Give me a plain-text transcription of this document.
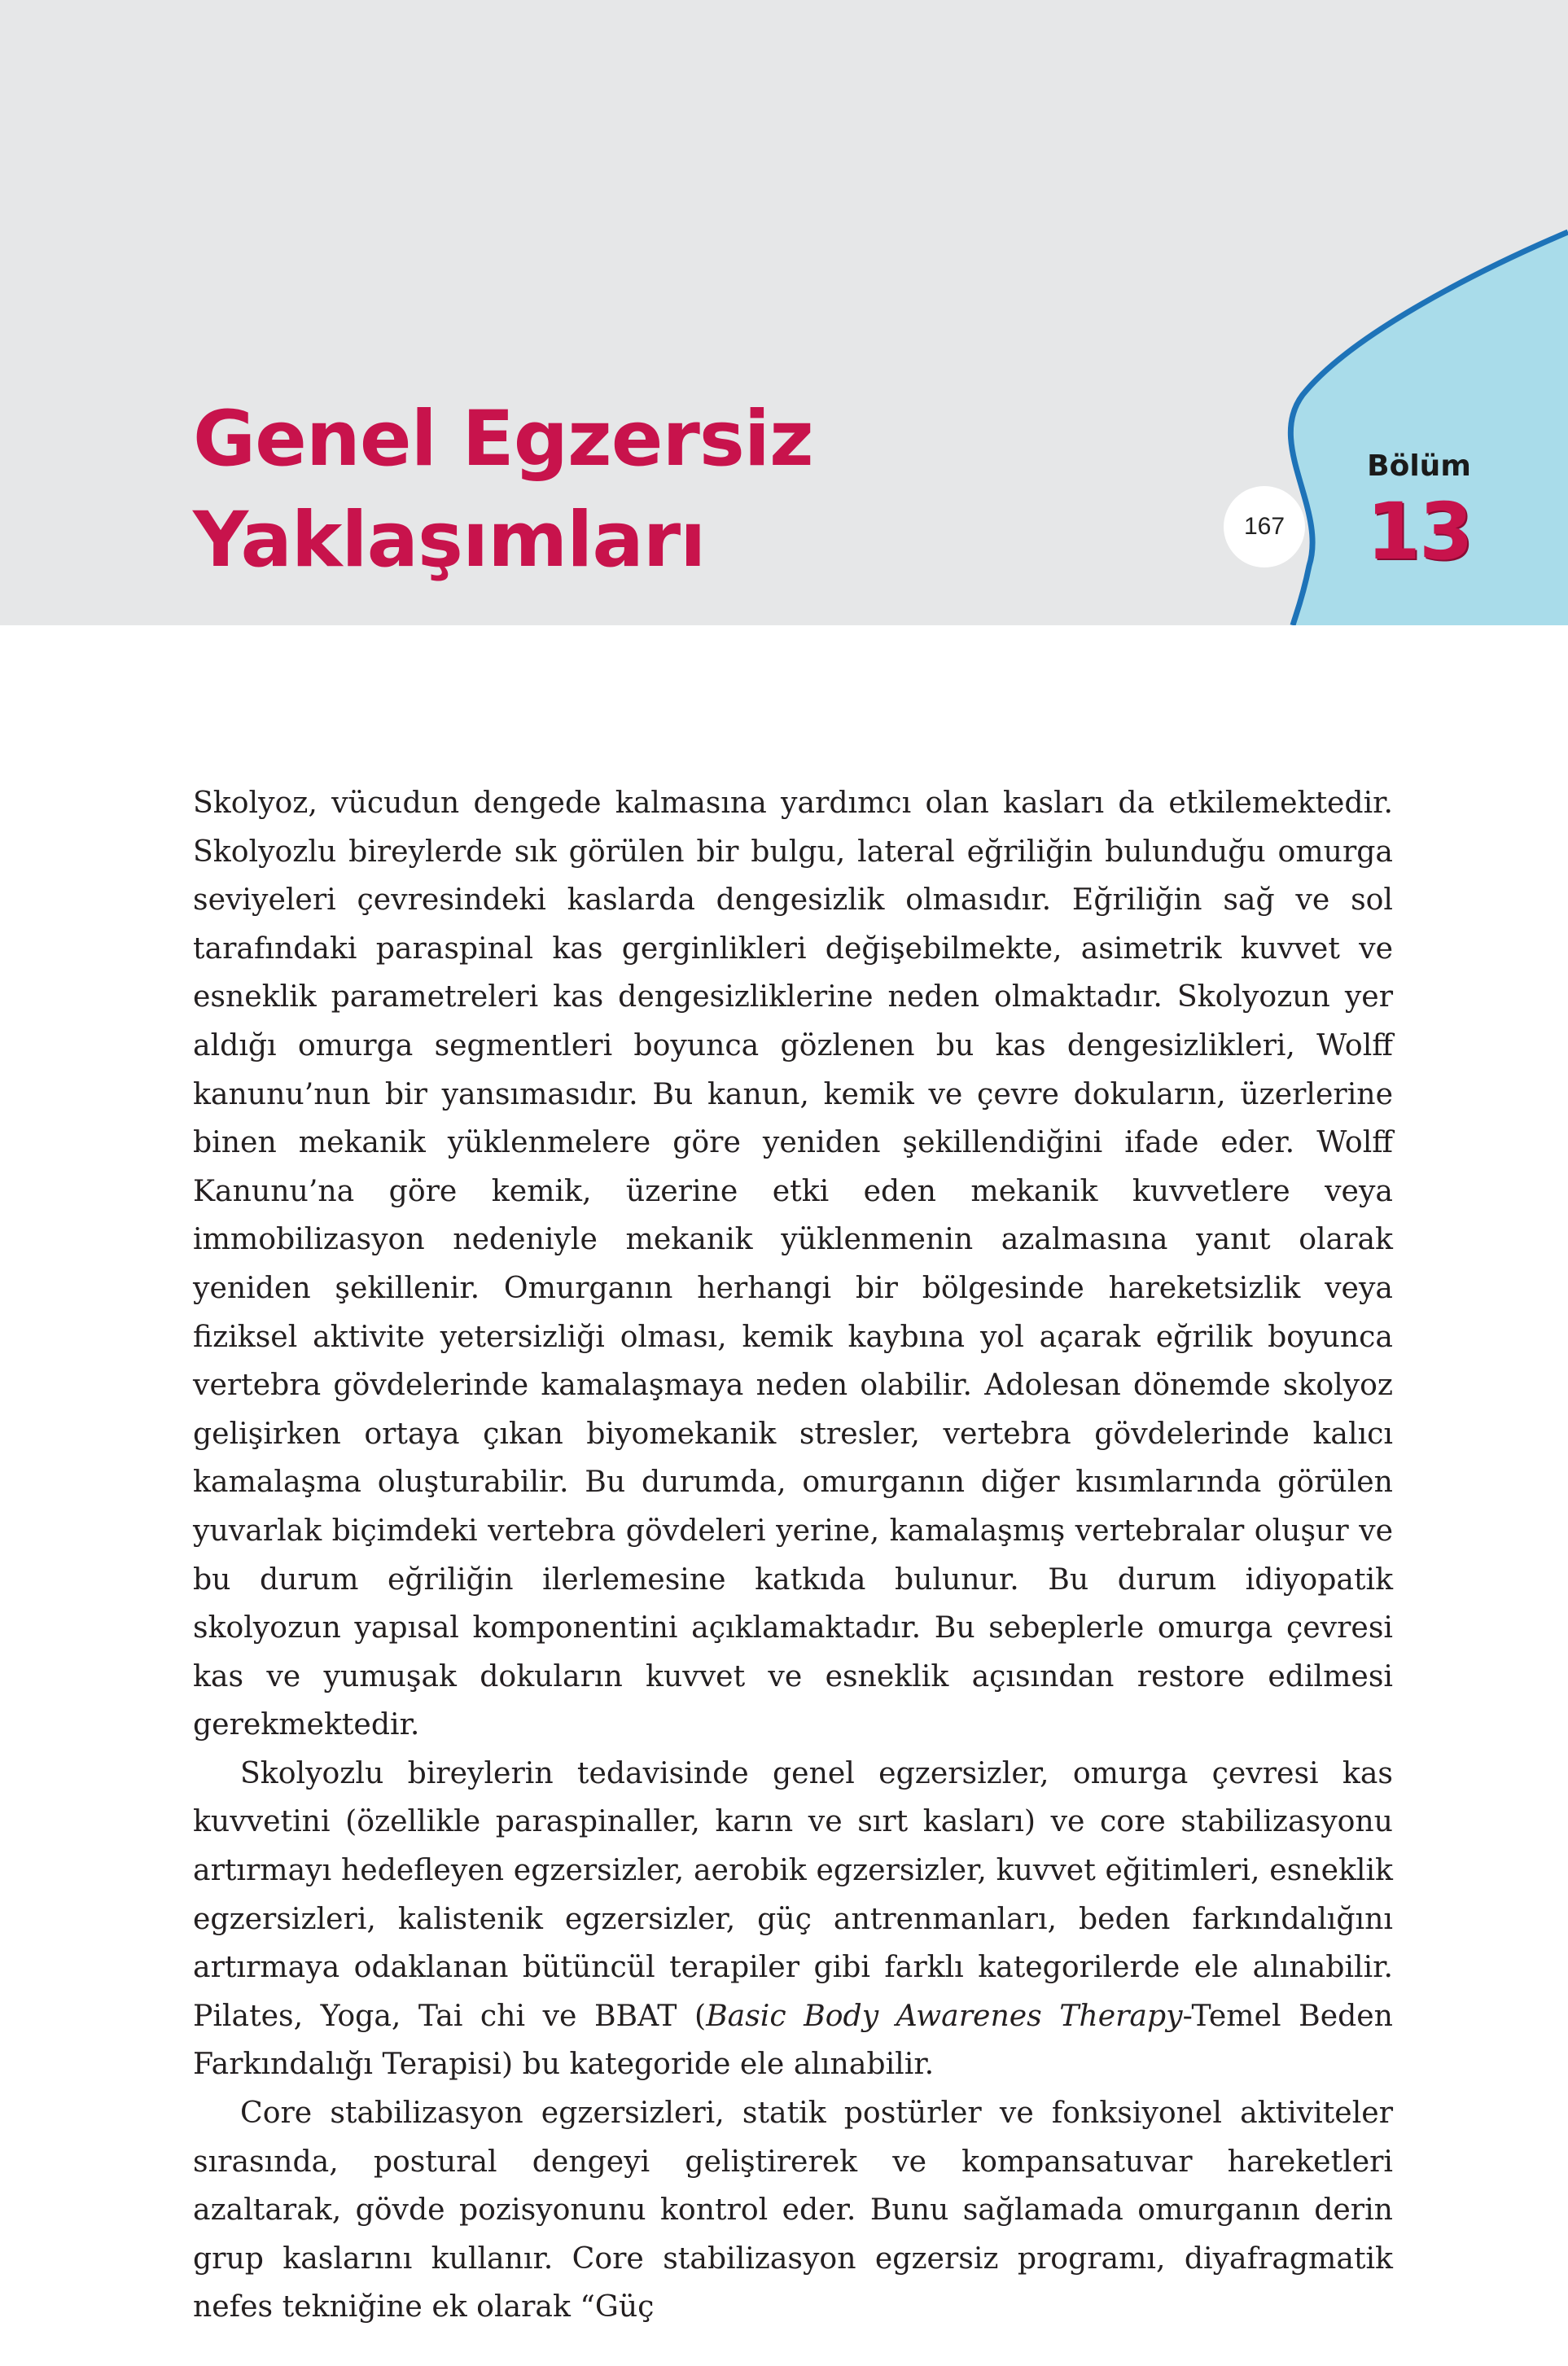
Genel Egzersiz
Yaklaşımları	167
Bölüm
13

Skolyoz, vücudun dengede kalmasına yardımcı olan kasları da etkilemektedir. Skolyozlu bireylerde sık görülen bir bulgu, lateral eğriliğin bulunduğu omurga seviyeleri çevresindeki kaslarda dengesizlik olmasıdır. Eğriliğin sağ ve sol tarafındaki paraspinal kas gerginlikleri değişebilmekte, asimetrik kuvvet ve esneklik parametreleri kas dengesizliklerine neden olmaktadır. Skolyozun yer aldığı omurga segmentleri boyunca gözlenen bu kas dengesizlikleri, Wolff kanunu’nun bir yansımasıdır. Bu kanun, kemik ve çevre dokuların, üzerlerine binen mekanik yüklenmelere göre yeniden şekillendiğini ifade eder. Wolff Kanunu’na göre kemik, üzerine etki eden mekanik kuvvetlere veya immobilizasyon nedeniyle mekanik yüklenmenin azalmasına yanıt olarak yeniden şekillenir. Omurganın herhangi bir bölgesinde hareketsizlik veya fiziksel aktivite yetersizliği olması, kemik kaybına yol açarak eğrilik boyunca vertebra gövdelerinde kamalaşmaya neden olabilir. Adolesan dönemde skolyoz gelişirken ortaya çıkan biyomekanik stresler, vertebra gövdelerinde kalıcı kamalaşma oluşturabilir. Bu durumda, omurganın diğer kısımlarında görülen yuvarlak biçimdeki vertebra gövdeleri yerine, kamalaşmış vertebralar oluşur ve bu durum eğriliğin ilerlemesine katkıda bulunur. Bu durum idiyopatik skolyozun yapısal komponentini açıklamaktadır. Bu sebeplerle omurga çevresi kas ve yumuşak dokuların kuvvet ve esneklik açısından restore edilmesi gerekmektedir.

Skolyozlu bireylerin tedavisinde genel egzersizler, omurga çevresi kas kuvvetini (özellikle paraspinaller, karın ve sırt kasları) ve core stabilizasyonu artırmayı hedefleyen egzersizler, aerobik egzersizler, kuvvet eğitimleri, esneklik egzersizleri, kalistenik egzersizler, güç antrenmanları, beden farkındalığını artırmaya odaklanan bütüncül terapiler gibi farklı kategorilerde ele alınabilir. Pilates, Yoga, Tai chi ve BBAT (Basic Body Awarenes Therapy-Temel Beden Farkındalığı Terapisi) bu kategoride ele alınabilir.

Core stabilizasyon egzersizleri, statik postürler ve fonksiyonel aktiviteler sırasında, postural dengeyi geliştirerek ve kompansatuvar hareketleri azaltarak, gövde pozisyonunu kontrol eder. Bunu sağlamada omurganın derin grup kaslarını kullanır. Core stabilizasyon egzersiz programı, diyafragmatik nefes tekniğine ek olarak “Güç
